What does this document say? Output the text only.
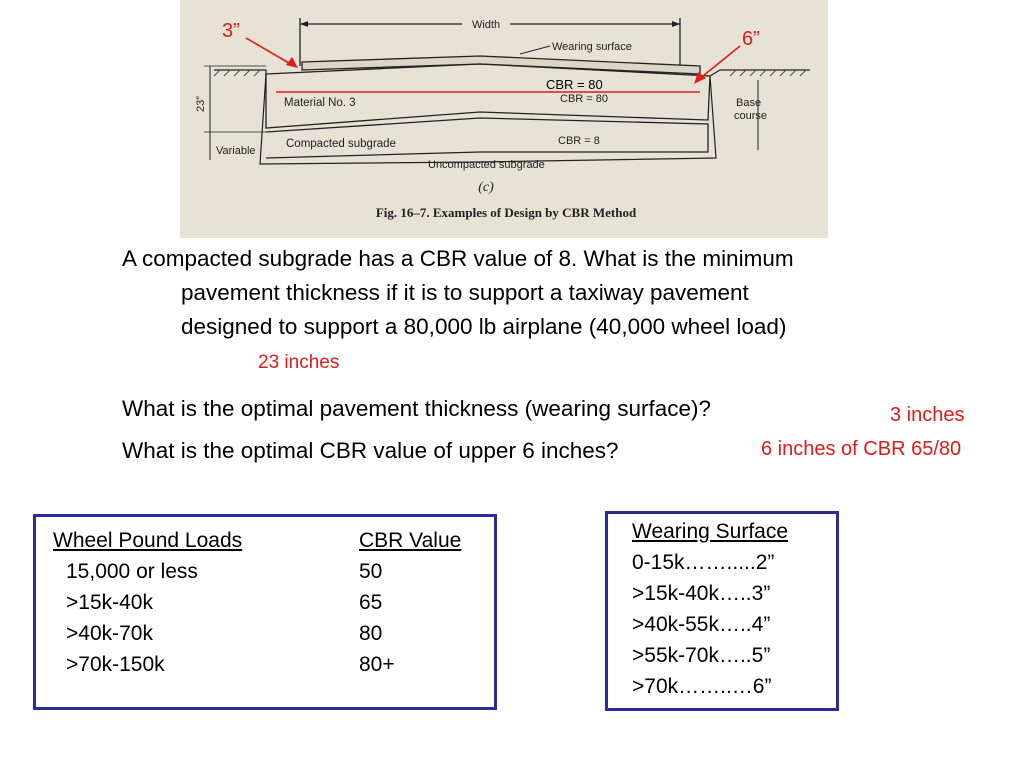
Width
Wearing surface
CBR = 80
23”
Variable
Material No. 3
Compacted subgrade	CBR = 8
Uncompacted subgrade
Base
course
(c)
Fig. 16–7. Examples of Design by CBR Method
3”	6”
CBR = 80
A compacted subgrade has a CBR value of 8. What is the minimum
pavement thickness if it is to support a taxiway pavement
designed to support a 80,000 lb airplane (40,000 wheel load)
23 inches
What is the optimal pavement thickness (wearing surface)?	3 inches
What is the optimal CBR value of upper 6 inches?	6 inches of CBR 65/80
Wheel Pound Loads	CBR Value
15,000 or less	50
>15k-40k	65
>40k-70k	80
>70k-150k	80+
Wearing Surface
0-15k…….....2”
>15k-40k…..3”
>40k-55k…..4”
>55k-70k…..5”
>70k……..…6”
